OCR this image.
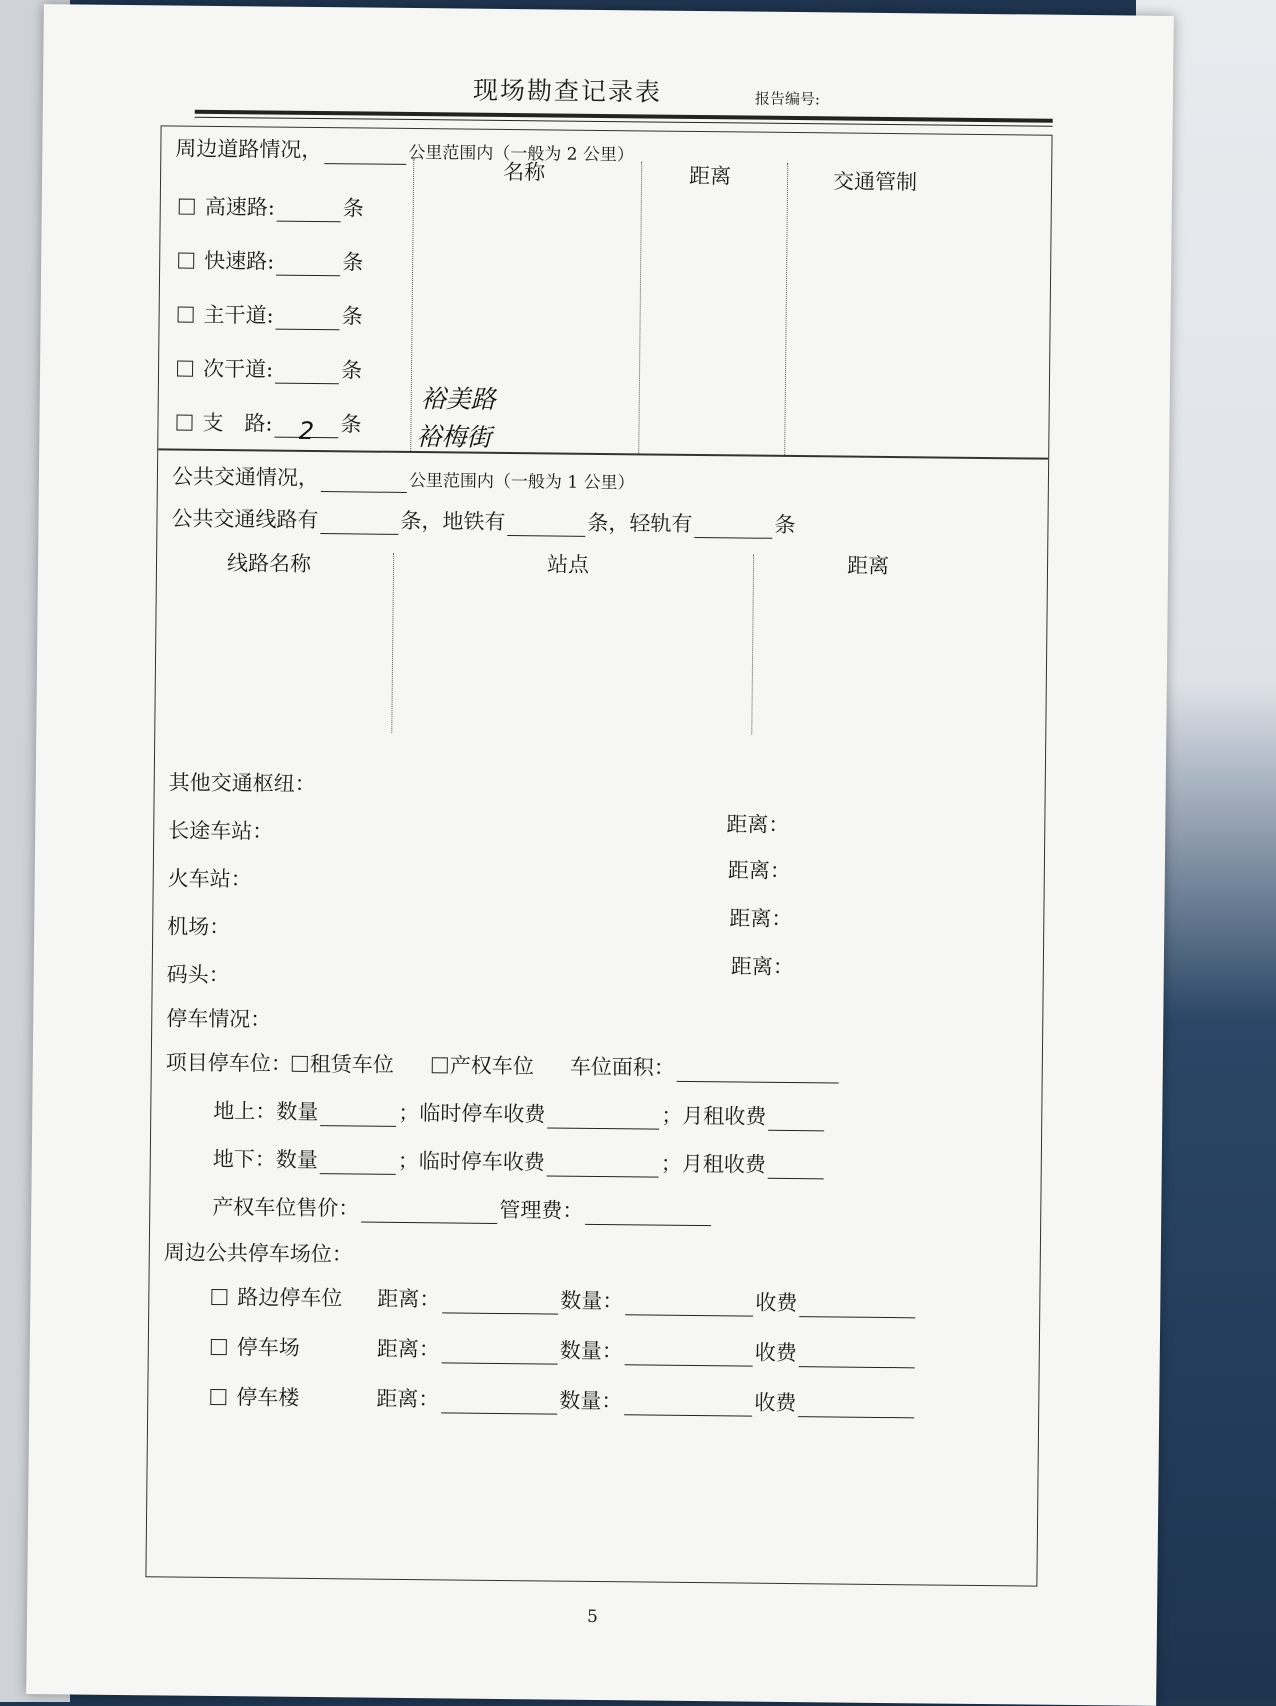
现场勘查记录表	报告编号:
周边道路情况，	公里范围内（一般为 2 公里）
名称	距离	交通管制
高速路:	条
快速路:	条
主干道:	条
次干道:	条
支　路: 2 条
裕美路
裕梅街
公共交通情况，	公里范围内（一般为 1 公里）
公共交通线路有	条，地铁有	条，轻轨有	条
线路名称	站点	距离
其他交通枢纽：
长途车站：	距离：
火车站：	距离：
机场：	距离：
码头：	距离：
停车情况：
项目停车位： 租赁车位	产权车位 车位面积：
地上：数量	；临时停车收费	；月租收费
地下：数量	；临时停车收费	；月租收费
产权车位售价：	管理费：
周边公共停车场位：
路边停车位 距离：	数量：	收费
停车场	距离：	数量：	收费
停车楼	距离：	数量：	收费
5
